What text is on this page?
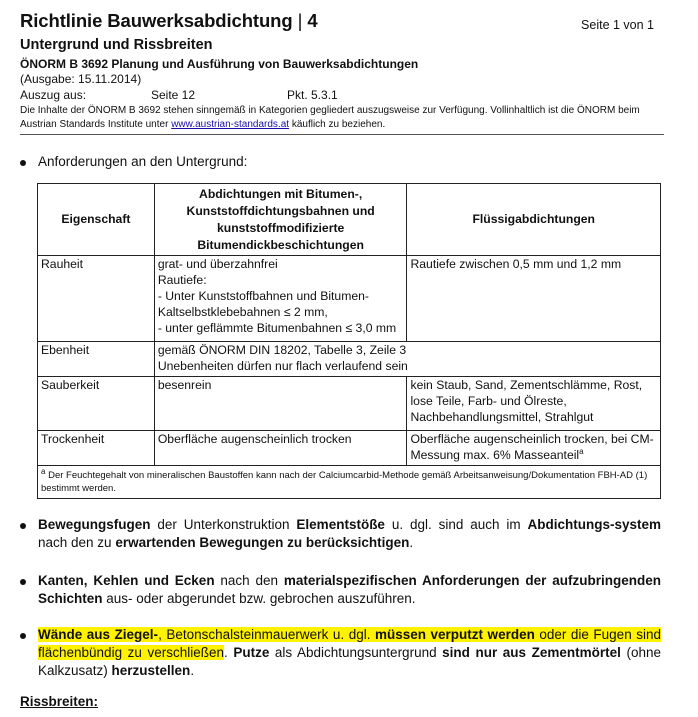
Richtlinie Bauwerksabdichtung | 4	Seite 1 von 1
Untergrund und Rissbreiten
ÖNORM B 3692 Planung und Ausführung von Bauwerksabdichtungen
(Ausgabe: 15.11.2014)
Auszug aus:	Seite 12	Pkt. 5.3.1
Die Inhalte der ÖNORM B 3692 stehen sinngemäß in Kategorien gegliedert auszugsweise zur Verfügung. Vollinhaltlich ist die ÖNORM beim Austrian Standards Institute unter www.austrian-standards.at käuflich zu beziehen.
Anforderungen an den Untergrund:
Eigenschaft	Abdichtungen mit Bitumen-, Kunststoffdichtungsbahnen und kunststoffmodifizierte Bitumendickbeschichtungen	Flüssigabdichtungen
Rauheit	grat- und überzahnfrei
Rautiefe:
- Unter Kunststoffbahnen und Bitumen-
Kaltselbstklebebahnen ≤ 2 mm,
- unter geflämmte Bitumenbahnen ≤ 3,0 mm	Rautiefe zwischen 0,5 mm und 1,2 mm
Ebenheit	gemäß ÖNORM DIN 18202, Tabelle 3, Zeile 3
Unebenheiten dürfen nur flach verlaufend sein	
Sauberkeit	besenrein	kein Staub, Sand, Zementschlämme, Rost, lose Teile, Farb- und Ölreste, Nachbehandlungsmittel, Strahlgut
Trockenheit	Oberfläche augenscheinlich trocken	Oberfläche augenscheinlich trocken, bei CM-Messung max. 6% Masseanteil$^a$
$^a$ Der Feuchtegehalt von mineralischen Baustoffen kann nach der Calciumcarbid-Methode gemäß Arbeitsanweisung/Dokumentation FBH-AD (1) bestimmt werden.		
Bewegungsfugen der Unterkonstruktion Elementstöße u. dgl. sind auch im Abdichtungs-system nach den zu erwartenden Bewegungen zu berücksichtigen.
Kanten, Kehlen und Ecken nach den materialspezifischen Anforderungen der aufzubringenden Schichten aus- oder abgerundet bzw. gebrochen auszuführen.
Wände aus Ziegel-, Betonschalsteinmauerwerk u. dgl. müssen verputzt werden oder die Fugen sind flächenbündig zu verschließen. Putze als Abdichtungsuntergrund sind nur aus Zementmörtel (ohne Kalkzusatz) herzustellen.
Rissbreiten:
